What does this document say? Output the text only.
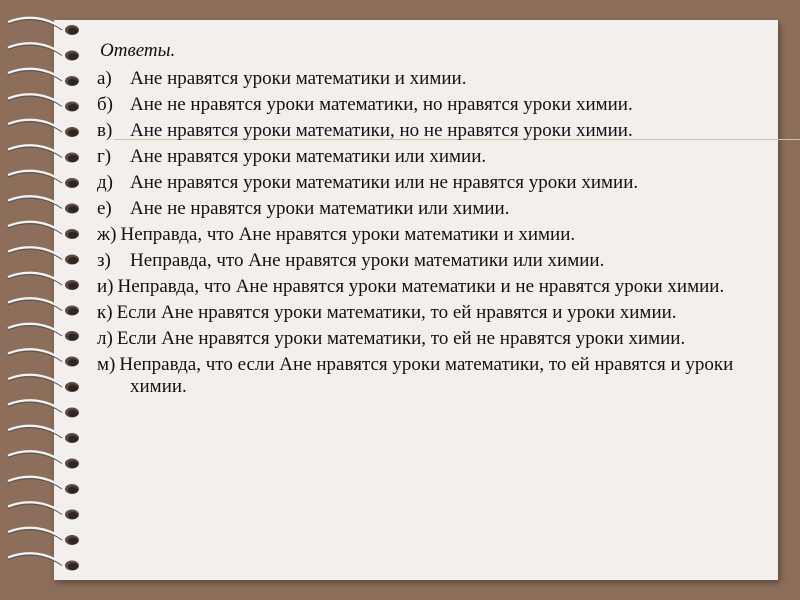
Ответы.
а) Ане нравятся уроки математики и химии.
б) Ане не нравятся уроки математики, но нравятся уроки химии.
в) Ане нравятся уроки математики, но не нравятся уроки химии.
г) Ане нравятся уроки математики или химии.
д) Ане нравятся уроки математики или не нравятся уроки химии.
е) Ане не нравятся уроки математики или химии.
ж) Неправда, что Ане нравятся уроки математики и химии.
з)	Неправда, что Ане нравятся уроки математики или химии.
и) Неправда, что Ане нравятся уроки математики и не нравятся уроки химии.
к) Если Ане нравятся уроки математики, то ей нравятся и уроки химии.
л) Если Ане нравятся уроки математики, то ей не нравятся уроки химии.
м) Неправда, что если Ане нравятся уроки математики, то ей нравятся и уроки химии.
